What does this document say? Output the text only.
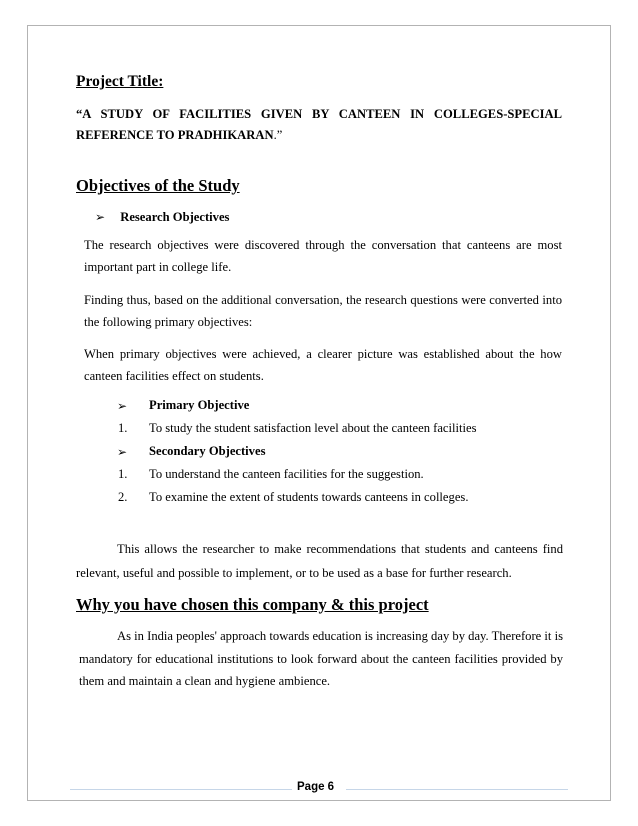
Project Title:
“A STUDY OF FACILITIES GIVEN BY CANTEEN IN COLLEGES-SPECIAL
REFERENCE TO PRADHIKARAN.”
Objectives of the Study
➢ Research Objectives
The research objectives were discovered through the conversation that canteens are most
important part in college life.
Finding thus, based on the additional conversation, the research questions were converted into
the following primary objectives:
When primary objectives were achieved, a clearer picture was established about the how
canteen facilities effect on students.
➢ Primary Objective
1. To study the student satisfaction level about the canteen facilities
➢ Secondary Objectives
1. To understand the canteen facilities for the suggestion.
2. To examine the extent of students towards canteens in colleges.
This allows the researcher to make recommendations that students and canteens find
relevant, useful and possible to implement, or to be used as a base for further research.
Why you have chosen this company & this project
As in India peoples' approach towards education is increasing day by day. Therefore it is
mandatory for educational institutions to look forward about the canteen facilities provided by
them and maintain a clean and hygiene ambience.
Page 6
